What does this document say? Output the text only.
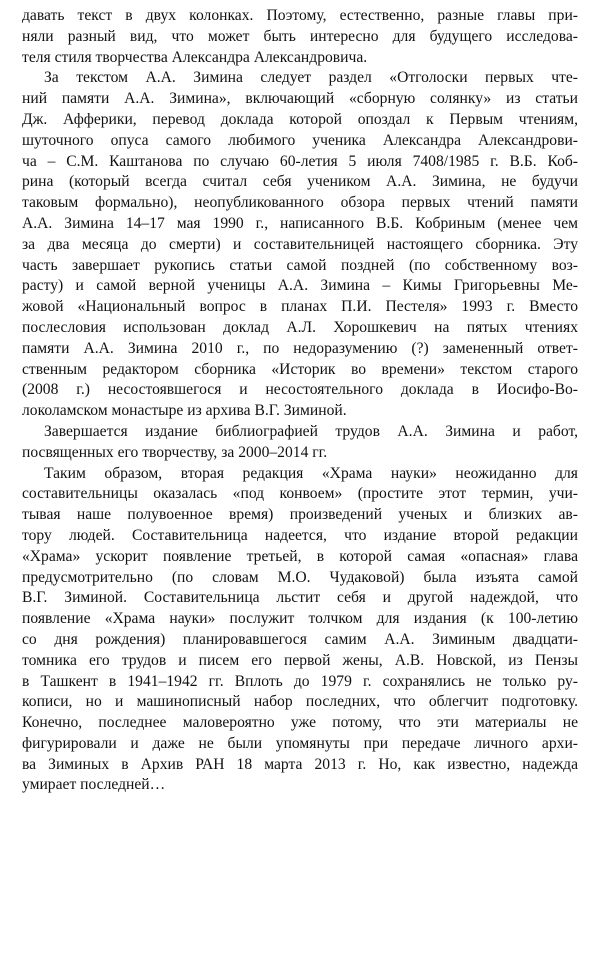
давать текст в двух колонках. Поэтому, естественно, разные главы при-
няли разный вид, что может быть интересно для будущего исследова-
теля стиля творчества Александра Александровича.
За текстом А.А. Зимина следует раздел «Отголоски первых чте-
ний памяти А.А. Зимина», включающий «сборную солянку» из статьи
Дж. Афферики, перевод доклада которой опоздал к Первым чтениям,
шуточного опуса самого любимого ученика Александра Александрови-
ча – С.М. Каштанова по случаю 60-летия 5 июля 7408/1985 г. В.Б. Коб-
рина (который всегда считал себя учеником А.А. Зимина, не будучи
таковым формально), неопубликованного обзора первых чтений памяти
А.А. Зимина 14–17 мая 1990 г., написанного В.Б. Кобриным (менее чем
за два месяца до смерти) и составительницей настоящего сборника. Эту
часть завершает рукопись статьи самой поздней (по собственному воз-
расту) и самой верной ученицы А.А. Зимина – Кимы Григорьевны Ме-
жовой «Национальный вопрос в планах П.И. Пестеля» 1993 г. Вместо
послесловия использован доклад А.Л. Хорошкевич на пятых чтениях
памяти А.А. Зимина 2010 г., по недоразумению (?) замененный ответ-
ственным редактором сборника «Историк во времени» текстом старого
(2008 г.) несостоявшегося и несостоятельного доклада в Иосифо-Во-
локоламском монастыре из архива В.Г. Зиминой.
Завершается издание библиографией трудов А.А. Зимина и работ,
посвященных его творчеству, за 2000–2014 гг.
Таким образом, вторая редакция «Храма науки» неожиданно для
составительницы оказалась «под конвоем» (простите этот термин, учи-
тывая наше полувоенное время) произведений ученых и близких ав-
тору людей. Составительница надеется, что издание второй редакции
«Храма» ускорит появление третьей, в которой самая «опасная» глава
предусмотрительно (по словам М.О. Чудаковой) была изъята самой
В.Г. Зиминой. Составительница льстит себя и другой надеждой, что
появление «Храма науки» послужит толчком для издания (к 100-летию
со дня рождения) планировавшегося самим А.А. Зиминым двадцати-
томника его трудов и писем его первой жены, А.В. Новской, из Пензы
в Ташкент в 1941–1942 гг. Вплоть до 1979 г. сохранялись не только ру-
кописи, но и машинописный набор последних, что облегчит подготовку.
Конечно, последнее маловероятно уже потому, что эти материалы не
фигурировали и даже не были упомянуты при передаче личного архи-
ва Зиминых в Архив РАН 18 марта 2013 г. Но, как известно, надежда
умирает последней…
